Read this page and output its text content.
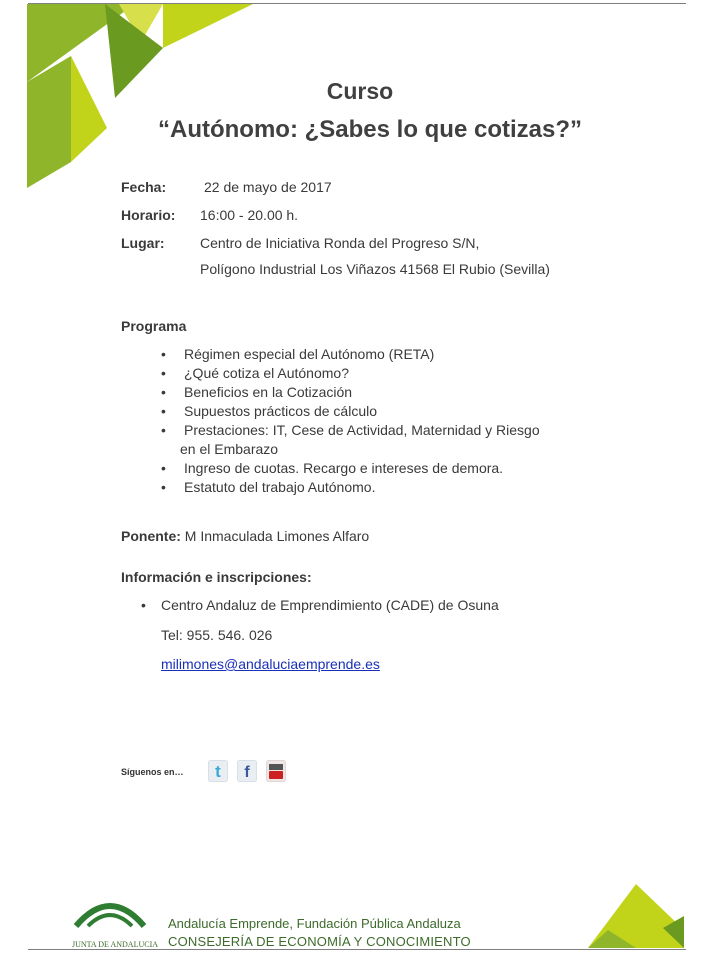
Curso
“Autónomo: ¿Sabes lo que cotizas?”
Fecha:	22 de mayo de 2017
Horario: 16:00 - 20.00 h.
Lugar:	Centro de Iniciativa Ronda del Progreso S/N,
Polígono Industrial Los Viñazos 41568 El Rubio (Sevilla)
Programa
• Régimen especial del Autónomo (RETA)
• ¿Qué cotiza el Autónomo?
• Beneficios en la Cotización
• Supuestos prácticos de cálculo
• Prestaciones: IT, Cese de Actividad, Maternidad y Riesgo
en el Embarazo
• Ingreso de cuotas. Recargo e intereses de demora.
• Estatuto del trabajo Autónomo.
Ponente: M Inmaculada Limones Alfaro
Información e inscripciones:
• Centro Andaluz de Emprendimiento (CADE) de Osuna
Tel: 955. 546. 026
milimones@andaluciaemprende.es
Síguenos en… t f
JUNTA DE ANDALUCIA
Andalucía Emprende, Fundación Pública Andaluza
CONSEJERÍA DE ECONOMÍA Y CONOCIMIENTO
